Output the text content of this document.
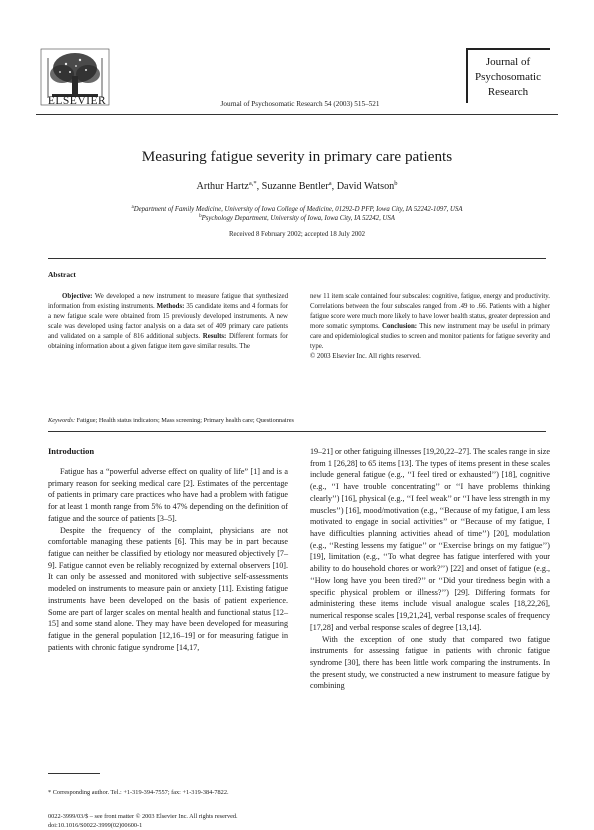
ELSEVIER	Journal of Psychosomatic Research 54 (2003) 515–521
Journal of
Psychosomatic
Research
Measuring fatigue severity in primary care patients
Arthur Hartz$^{a,*}$, Suzanne Bentler$^a$, David Watson$^b$
$^a$Department of Family Medicine, University of Iowa College of Medicine, 01292-D PFP, Iowa City, IA 52242-1097, USA
$^b$Psychology Department, University of Iowa, Iowa City, IA 52242, USA
Received 8 February 2002; accepted 18 July 2002
Abstract

Objective: We developed a new instrument to measure fatigue that synthesized information from existing instruments. Methods: 35 candidate items and 4 formats for a new fatigue scale were obtained from 15 previously developed instruments. A new scale was developed using factor analysis on a data set of 409 primary care patients and validated on a sample of 816 additional subjects. Results: Different formats for obtaining information about a given fatigue item gave similar results. The

new 11 item scale contained four subscales: cognitive, fatigue, energy and productivity. Correlations between the four subscales ranged from .49 to .66. Patients with a higher fatigue score were much more likely to have lower health status, greater depression and more somatic symptoms. Conclusion: This new instrument may be useful in primary care and epidemiological studies to screen and monitor patients for fatigue severity and type.

© 2003 Elsevier Inc. All rights reserved.

Keywords: Fatigue; Health status indicators; Mass screening; Primary health care; Questionnaires
Introduction

Fatigue has a “powerful adverse effect on quality of life” [1] and is a primary reason for seeking medical care [2]. Estimates of the percentage of patients in primary care practices who have had a problem with fatigue for at least 1 month range from 5% to 47% depending on the definition of fatigue and the source of patients [3–5].

Despite the frequency of the complaint, physicians are not comfortable managing these patients [6]. This may be in part because fatigue can neither be classified by etiology nor measured objectively [7–9]. Fatigue cannot even be reliably recognized by external observers [10]. It can only be assessed and monitored with subjective self-assessments modeled on instruments to measure pain or anxiety [11]. Existing fatigue instruments have been developed on the basis of patient experience. Some are part of larger scales on mental health and functional status [12–15] and some stand alone. They may have been developed for measuring fatigue in the general population [12,16–19] or for measuring fatigue in patients with chronic fatigue syndrome [14,17,

19–21] or other fatiguing illnesses [19,20,22–27]. The scales range in size from 1 [26,28] to 65 items [13]. The types of items present in these scales include general fatigue (e.g., ‘‘I feel tired or exhausted’’) [18], cognitive (e.g., ‘‘I have trouble concentrating’’ or ‘‘I have problems thinking clearly’’) [16], physical (e.g., ‘‘I feel weak’’ or ‘‘I have less strength in my muscles’’) [16], mood/motivation (e.g., ‘‘Because of my fatigue, I am less motivated to engage in social activities’’ or ‘‘Because of my fatigue, I have difficulties planning activities ahead of time’’) [20], modulation (e.g., ‘‘Resting lessens my fatigue’’ or ‘‘Exercise brings on my fatigue’’) [19], limitation (e.g., ‘‘To what degree has fatigue interfered with your ability to do household chores or work?’’) [22] and onset of fatigue (e.g., ‘‘How long have you been tired?’’ or ‘‘Did your tiredness begin with a specific physical problem or illness?’’) [29]. Differing formats for administering these items include visual analogue scales [18,22,26], numerical response scales [19,21,24], verbal response scales of frequency [17,28] and verbal response scales of degree [13,14].

With the exception of one study that compared two fatigue instruments for assessing fatigue in patients with chronic fatigue syndrome [30], there has been little work comparing the instruments. In the present study, we constructed a new instrument to measure fatigue by combining

* Corresponding author. Tel.: +1-319-394-7557; fax: +1-319-384-7822.
0022-3999/03/$ – see front matter © 2003 Elsevier Inc. All rights reserved.
doi:10.1016/S0022-3999(02)00600-1
